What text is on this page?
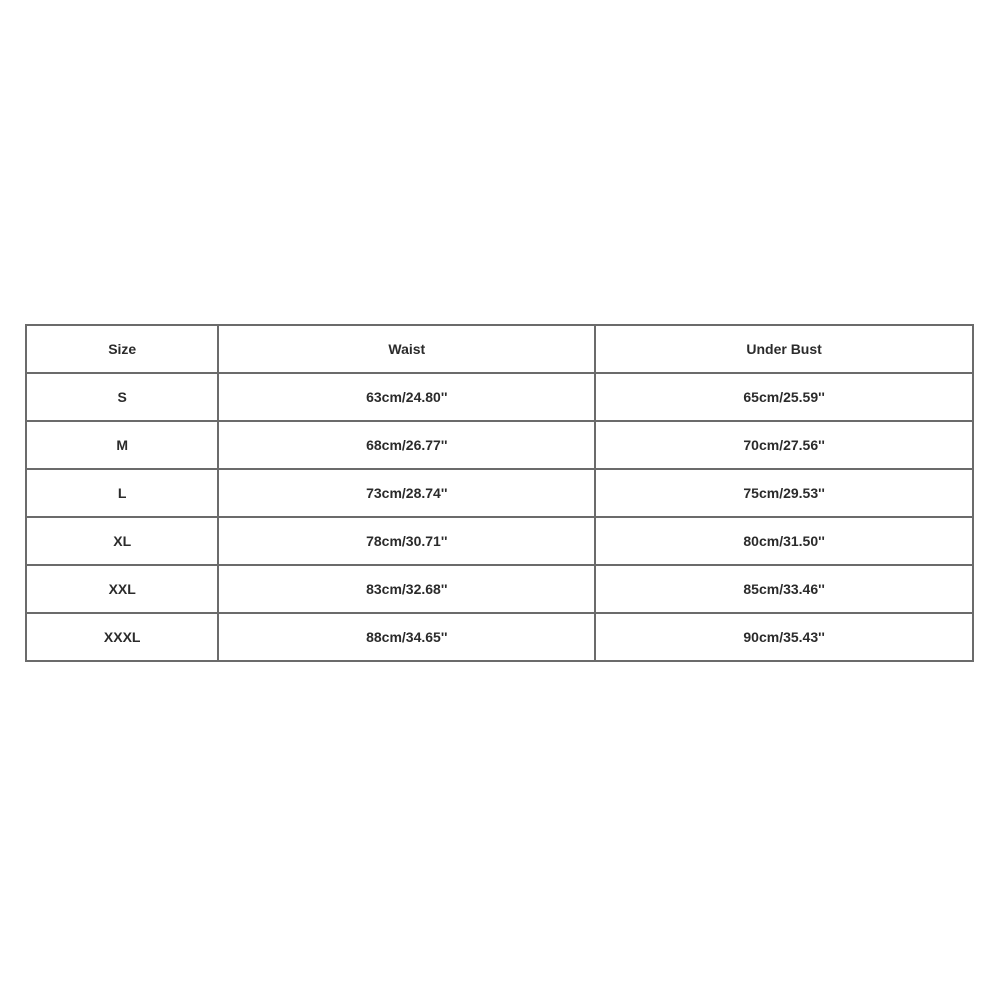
Size	Waist	Under Bust
S	63cm/24.80''	65cm/25.59''
M	68cm/26.77''	70cm/27.56''
L	73cm/28.74''	75cm/29.53''
XL	78cm/30.71''	80cm/31.50''
XXL	83cm/32.68''	85cm/33.46''
XXXL	88cm/34.65''	90cm/35.43''
